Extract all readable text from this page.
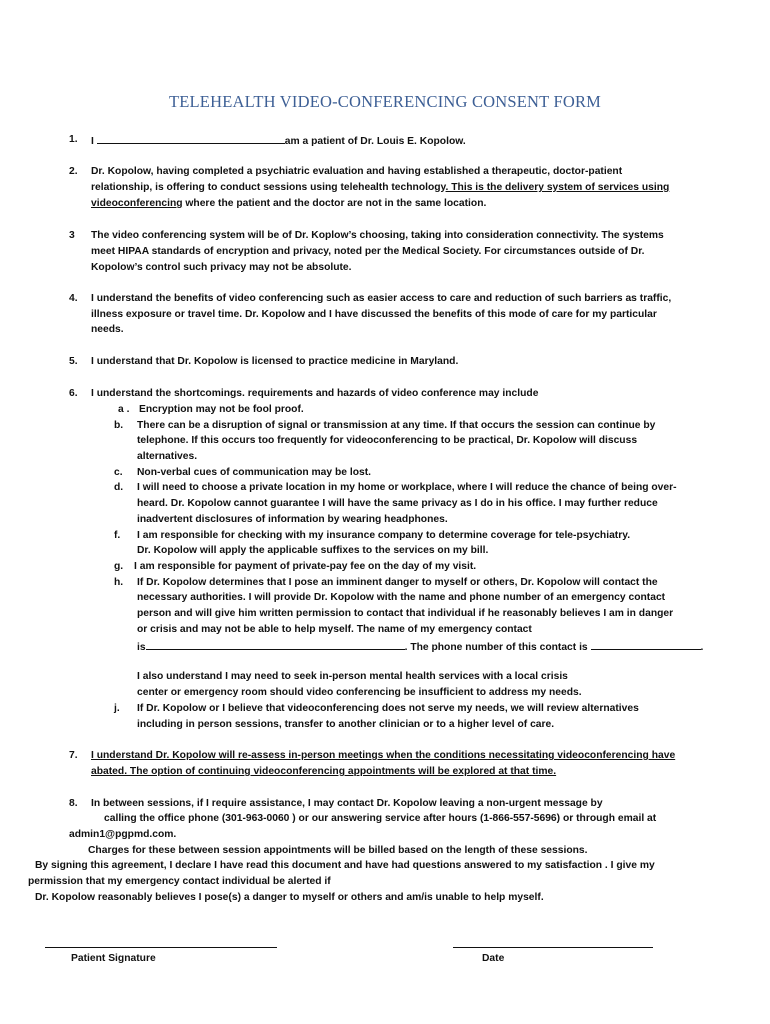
TELEHEALTH VIDEO-CONFERENCING CONSENT FORM
1. I	am a patient of Dr. Louis E. Kopolow.
2. Dr. Kopolow, having completed a psychiatric evaluation and having established a therapeutic, doctor-patient
relationship, is offering to conduct sessions using telehealth technology. This is the delivery system of services using
videoconferencing where the patient and the doctor are not in the same location.
3 The video conferencing system will be of Dr. Koplow’s choosing, taking into consideration connectivity. The systems
meet HIPAA standards of encryption and privacy, noted per the Medical Society. For circumstances outside of Dr.
Kopolow’s control such privacy may not be absolute.
4. I understand the benefits of video conferencing such as easier access to care and reduction of such barriers as traffic,
illness exposure or travel time. Dr. Kopolow and I have discussed the benefits of this mode of care for my particular
needs.
5. I understand that Dr. Kopolow is licensed to practice medicine in Maryland.
6. I understand the shortcomings. requirements and hazards of video conference may include
a . Encryption may not be fool proof.
b. There can be a disruption of signal or transmission at any time. If that occurs the session can continue by
telephone. If this occurs too frequently for videoconferencing to be practical, Dr. Kopolow will discuss
alternatives.
c. Non-verbal cues of communication may be lost.
d. I will need to choose a private location in my home or workplace, where I will reduce the chance of being over-
heard. Dr. Kopolow cannot guarantee I will have the same privacy as I do in his office. I may further reduce
inadvertent disclosures of information by wearing headphones.
f. I am responsible for checking with my insurance company to determine coverage for tele-psychiatry.
Dr. Kopolow will apply the applicable suffixes to the services on my bill.
g. I am responsible for payment of private-pay fee on the day of my visit.
h. If Dr. Kopolow determines that I pose an imminent danger to myself or others, Dr. Kopolow will contact the
necessary authorities. I will provide Dr. Kopolow with the name and phone number of an emergency contact
person and will give him written permission to contact that individual if he reasonably believes I am in danger
or crisis and may not be able to help myself. The name of my emergency contact
is	. The phone number of this contact is	.
I also understand I may need to seek in-person mental health services with a local crisis
center or emergency room should video conferencing be insufficient to address my needs.
j. If Dr. Kopolow or I believe that videoconferencing does not serve my needs, we will review alternatives
including in person sessions, transfer to another clinician or to a higher level of care.
7. I understand Dr. Kopolow will re-assess in-person meetings when the conditions necessitating videoconferencing have
abated. The option of continuing videoconferencing appointments will be explored at that time.
8. In between sessions, if I require assistance, I may contact Dr. Kopolow leaving a non-urgent message by
calling the office phone (301-963-0060 ) or our answering service after hours (1-866-557-5696) or through email at
admin1@pgpmd.com.
Charges for these between session appointments will be billed based on the length of these sessions.
By signing this agreement, I declare I have read this document and have had questions answered to my satisfaction . I give my
permission that my emergency contact individual be alerted if
Dr. Kopolow reasonably believes I pose(s) a danger to myself or others and am/is unable to help myself.
Patient Signature	Date
